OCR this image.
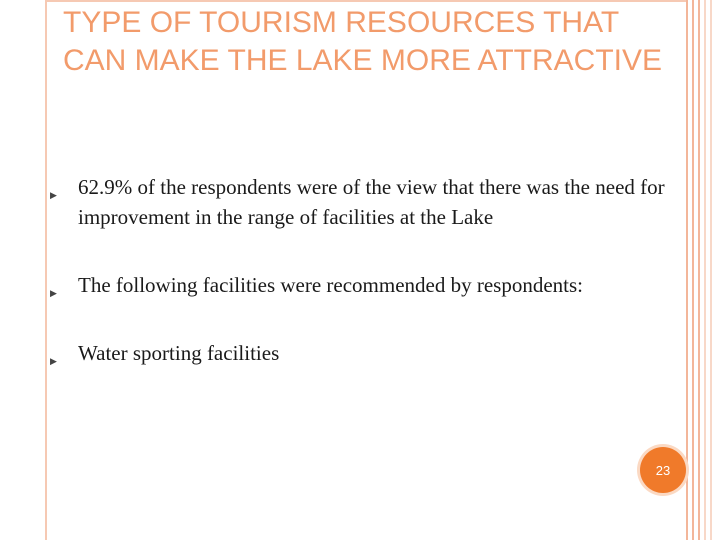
TYPE OF TOURISM RESOURCES THAT CAN MAKE THE LAKE MORE ATTRACTIVE
▶ 62.9% of the respondents were of the view that there was the need for improvement in the range of facilities at the Lake
▶ The following facilities were recommended by respondents:
▶ Water sporting facilities
23
